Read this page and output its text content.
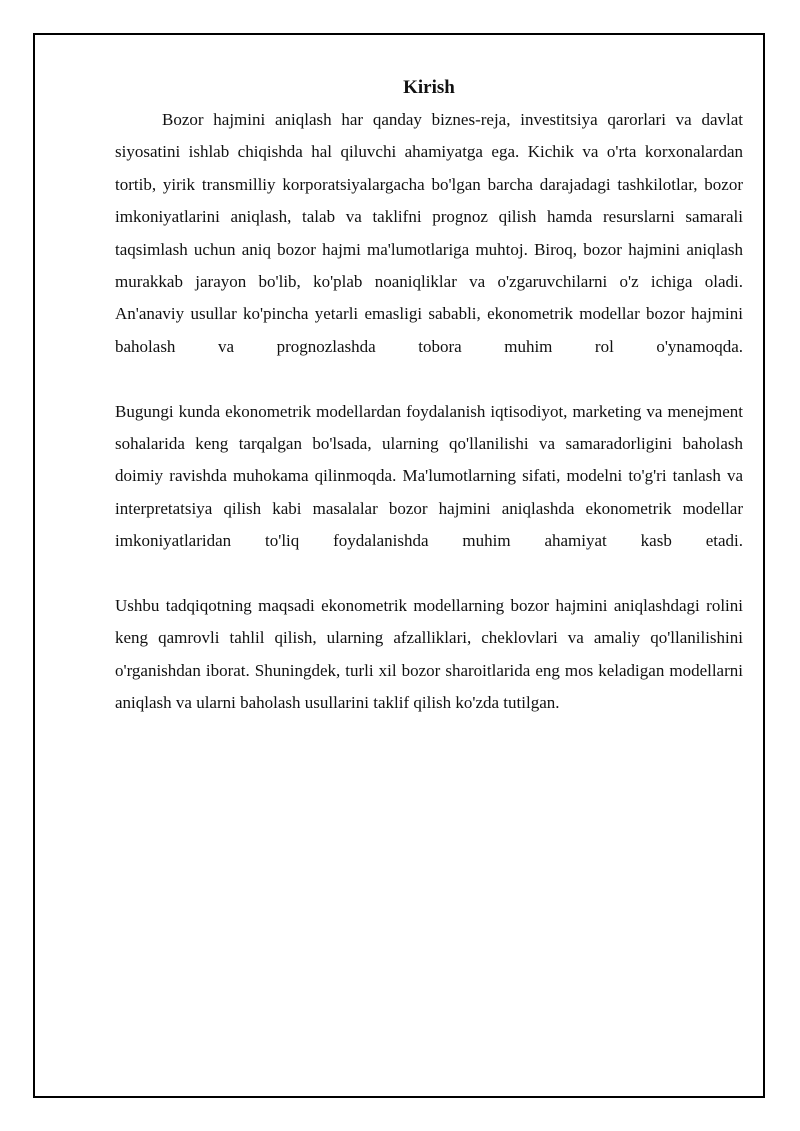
Kirish

Bozor hajmini aniqlash har qanday biznes-reja, investitsiya qarorlari va davlat siyosatini ishlab chiqishda hal qiluvchi ahamiyatga ega. Kichik va o'rta korxonalardan tortib, yirik transmilliy korporatsiyalargacha bo'lgan barcha darajadagi tashkilotlar, bozor imkoniyatlarini aniqlash, talab va taklifni prognoz qilish hamda resurslarni samarali taqsimlash uchun aniq bozor hajmi ma'lumotlariga muhtoj. Biroq, bozor hajmini aniqlash murakkab jarayon bo'lib, ko'plab noaniqliklar va o'zgaruvchilarni o'z ichiga oladi. An'anaviy usullar ko'pincha yetarli emasligi sababli, ekonometrik modellar bozor hajmini baholash va prognozlashda tobora muhim rol o'ynamoqda.

Bugungi kunda ekonometrik modellardan foydalanish iqtisodiyot, marketing va menejment sohalarida keng tarqalgan bo'lsada, ularning qo'llanilishi va samaradorligini baholash doimiy ravishda muhokama qilinmoqda. Ma'lumotlarning sifati, modelni to'g'ri tanlash va interpretatsiya qilish kabi masalalar bozor hajmini aniqlashda ekonometrik modellar imkoniyatlaridan to'liq foydalanishda muhim ahamiyat kasb etadi.

Ushbu tadqiqotning maqsadi ekonometrik modellarning bozor hajmini aniqlashdagi rolini keng qamrovli tahlil qilish, ularning afzalliklari, cheklovlari va amaliy qo'llanilishini o'rganishdan iborat. Shuningdek, turli xil bozor sharoitlarida eng mos keladigan modellarni aniqlash va ularni baholash usullarini taklif qilish ko'zda tutilgan.
